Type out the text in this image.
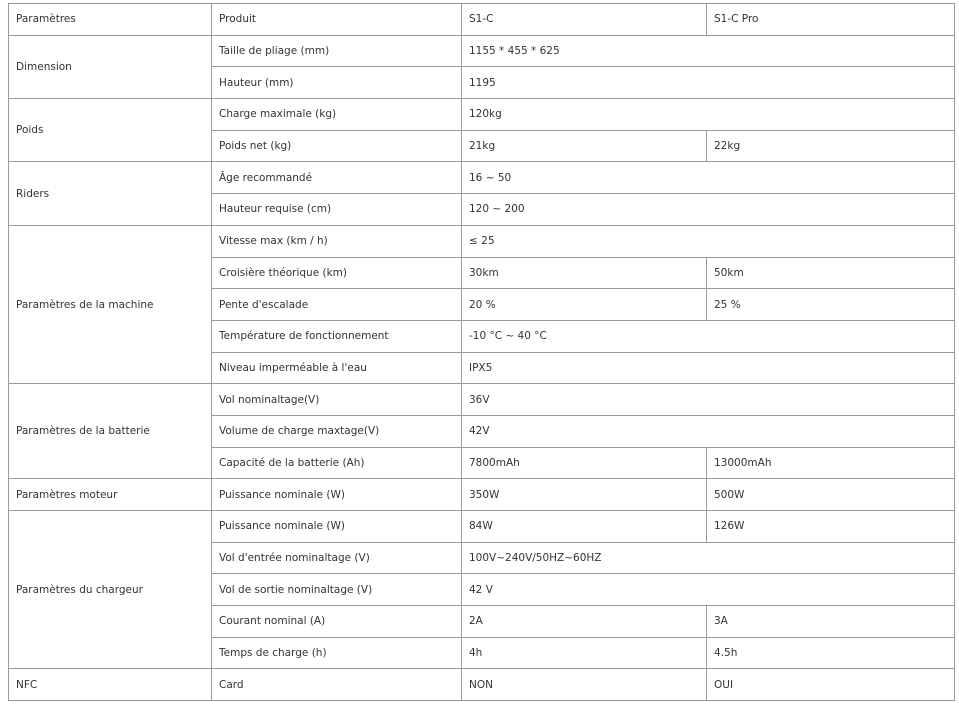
Paramètres	Produit	S1-C	S1-C Pro
Dimension	Taille de pliage (mm)	1155 * 455 * 625	
	Hauteur (mm)	1195	
Poids	Charge maximale (kg)	120kg	
	Poids net (kg)	21kg	22kg
Riders	Âge recommandé	16 ~ 50	
	Hauteur requise (cm)	120 ~ 200	
Paramètres de la machine	Vitesse max (km / h)	≤ 25	
	Croisière théorique (km)	30km	50km
	Pente d'escalade	20 %	25 %
	Température de fonctionnement	-10 °C ~ 40 °C	
	Niveau imperméable à l'eau	IPX5	
Paramètres de la batterie	Vol nominaltage(V)	36V	
	Volume de charge maxtage(V)	42V	
	Capacité de la batterie (Ah)	7800mAh	13000mAh
Paramètres moteur	Puissance nominale (W)	350W	500W
Paramètres du chargeur	Puissance nominale (W)	84W	126W
	Vol d'entrée nominaltage (V)	100V~240V/50HZ~60HZ	
	Vol de sortie nominaltage (V)	42 V	
	Courant nominal (A)	2A	3A
	Temps de charge (h)	4h	4.5h
NFC	Card	NON	OUI
